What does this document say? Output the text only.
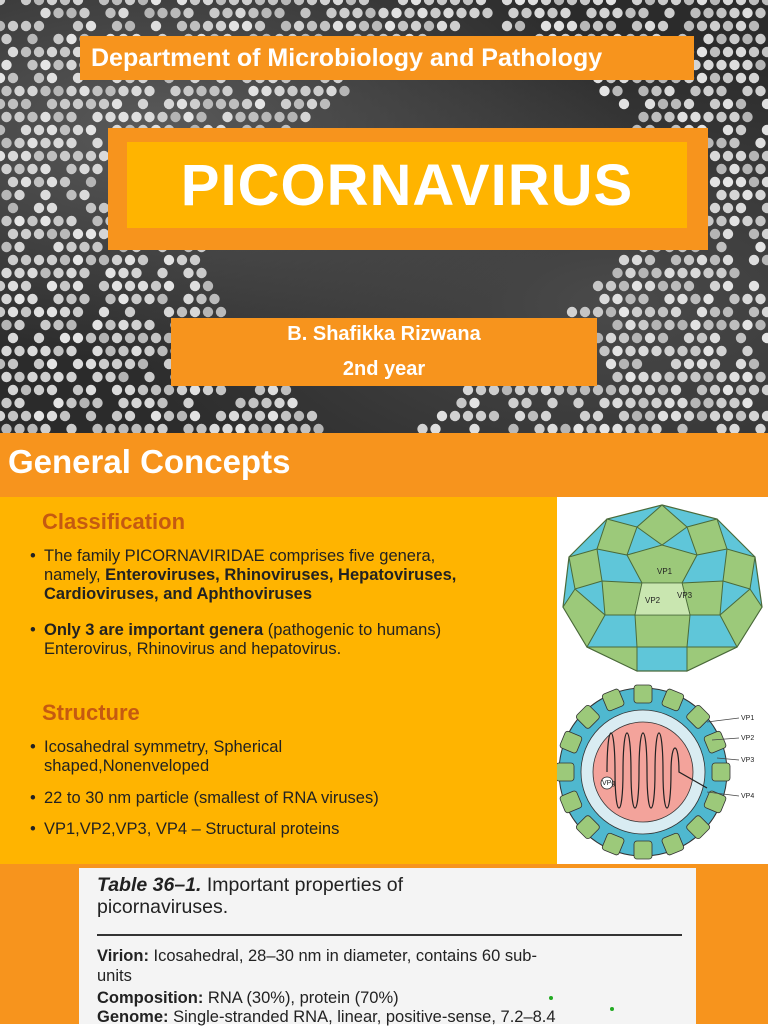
Department of Microbiology and Pathology
PICORNAVIRUS
B. Shafikka Rizwana
2nd year
General Concepts
Classification
• The family PICORNAVIRIDAE comprises five genera,
namely, Enteroviruses, Rhinoviruses, Hepatoviruses,
Cardioviruses, and Aphthoviruses
• Only 3 are important genera (pathogenic to humans)
Enterovirus, Rhinovirus and hepatovirus.
Structure
• Icosahedral symmetry, Spherical
shaped,Nonenveloped
• 22 to 30 nm particle (smallest of RNA viruses)
• VP1,VP2,VP3, VP4 – Structural proteins
VP1
VP2
VP3
VP1
VP2
VP3
VP4
VPg
Table 36–1. Important properties of
picornaviruses.
Virion: Icosahedral, 28–30 nm in diameter, contains 60 sub-
units
Composition: RNA (30%), protein (70%)
Genome: Single-stranded RNA, linear, positive-sense, 7.2–8.4
